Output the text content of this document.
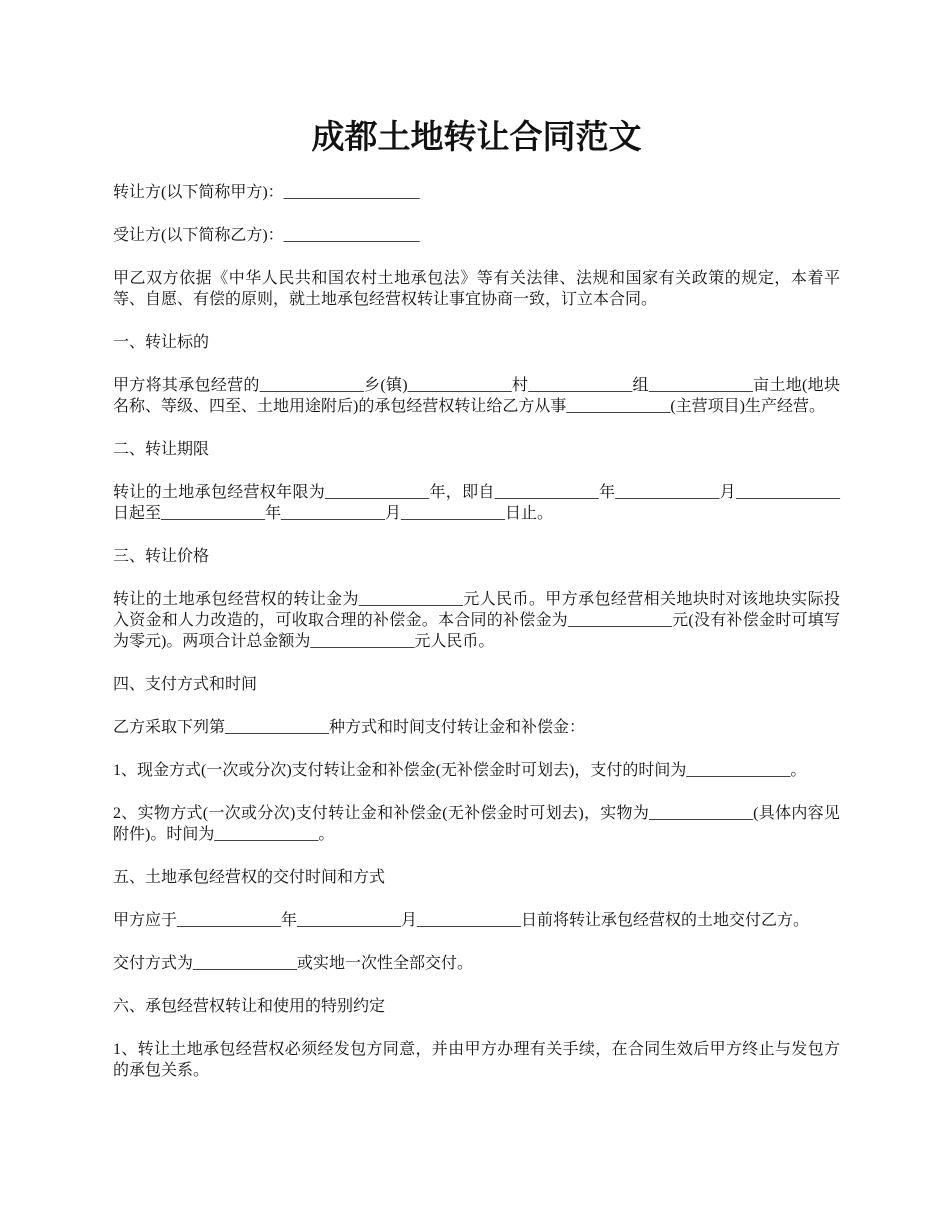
成都土地转让合同范文

转让方(以下简称甲方)：_________________

受让方(以下简称乙方)：_________________

甲乙双方依据《中华人民共和国农村土地承包法》等有关法律、法规和国家有关政策的规定，本着平等、自愿、有偿的原则，就土地承包经营权转让事宜协商一致，订立本合同。

一、转让标的

甲方将其承包经营的_____________乡(镇)_____________村_____________组_____________亩土地(地块名称、等级、四至、土地用途附后)的承包经营权转让给乙方从事_____________(主营项目)生产经营。

二、转让期限

转让的土地承包经营权年限为_____________年，即自_____________年_____________月_____________日起至_____________年_____________月_____________日止。

三、转让价格

转让的土地承包经营权的转让金为_____________元人民币。甲方承包经营相关地块时对该地块实际投入资金和人力改造的，可收取合理的补偿金。本合同的补偿金为_____________元(没有补偿金时可填写为零元)。两项合计总金额为_____________元人民币。

四、支付方式和时间

乙方采取下列第_____________种方式和时间支付转让金和补偿金：

1、现金方式(一次或分次)支付转让金和补偿金(无补偿金时可划去)，支付的时间为_____________。

2、实物方式(一次或分次)支付转让金和补偿金(无补偿金时可划去)，实物为_____________(具体内容见附件)。时间为_____________。

五、土地承包经营权的交付时间和方式

甲方应于_____________年_____________月_____________日前将转让承包经营权的土地交付乙方。

交付方式为_____________或实地一次性全部交付。

六、承包经营权转让和使用的特别约定

1、转让土地承包经营权必须经发包方同意，并由甲方办理有关手续，在合同生效后甲方终止与发包方的承包关系。
